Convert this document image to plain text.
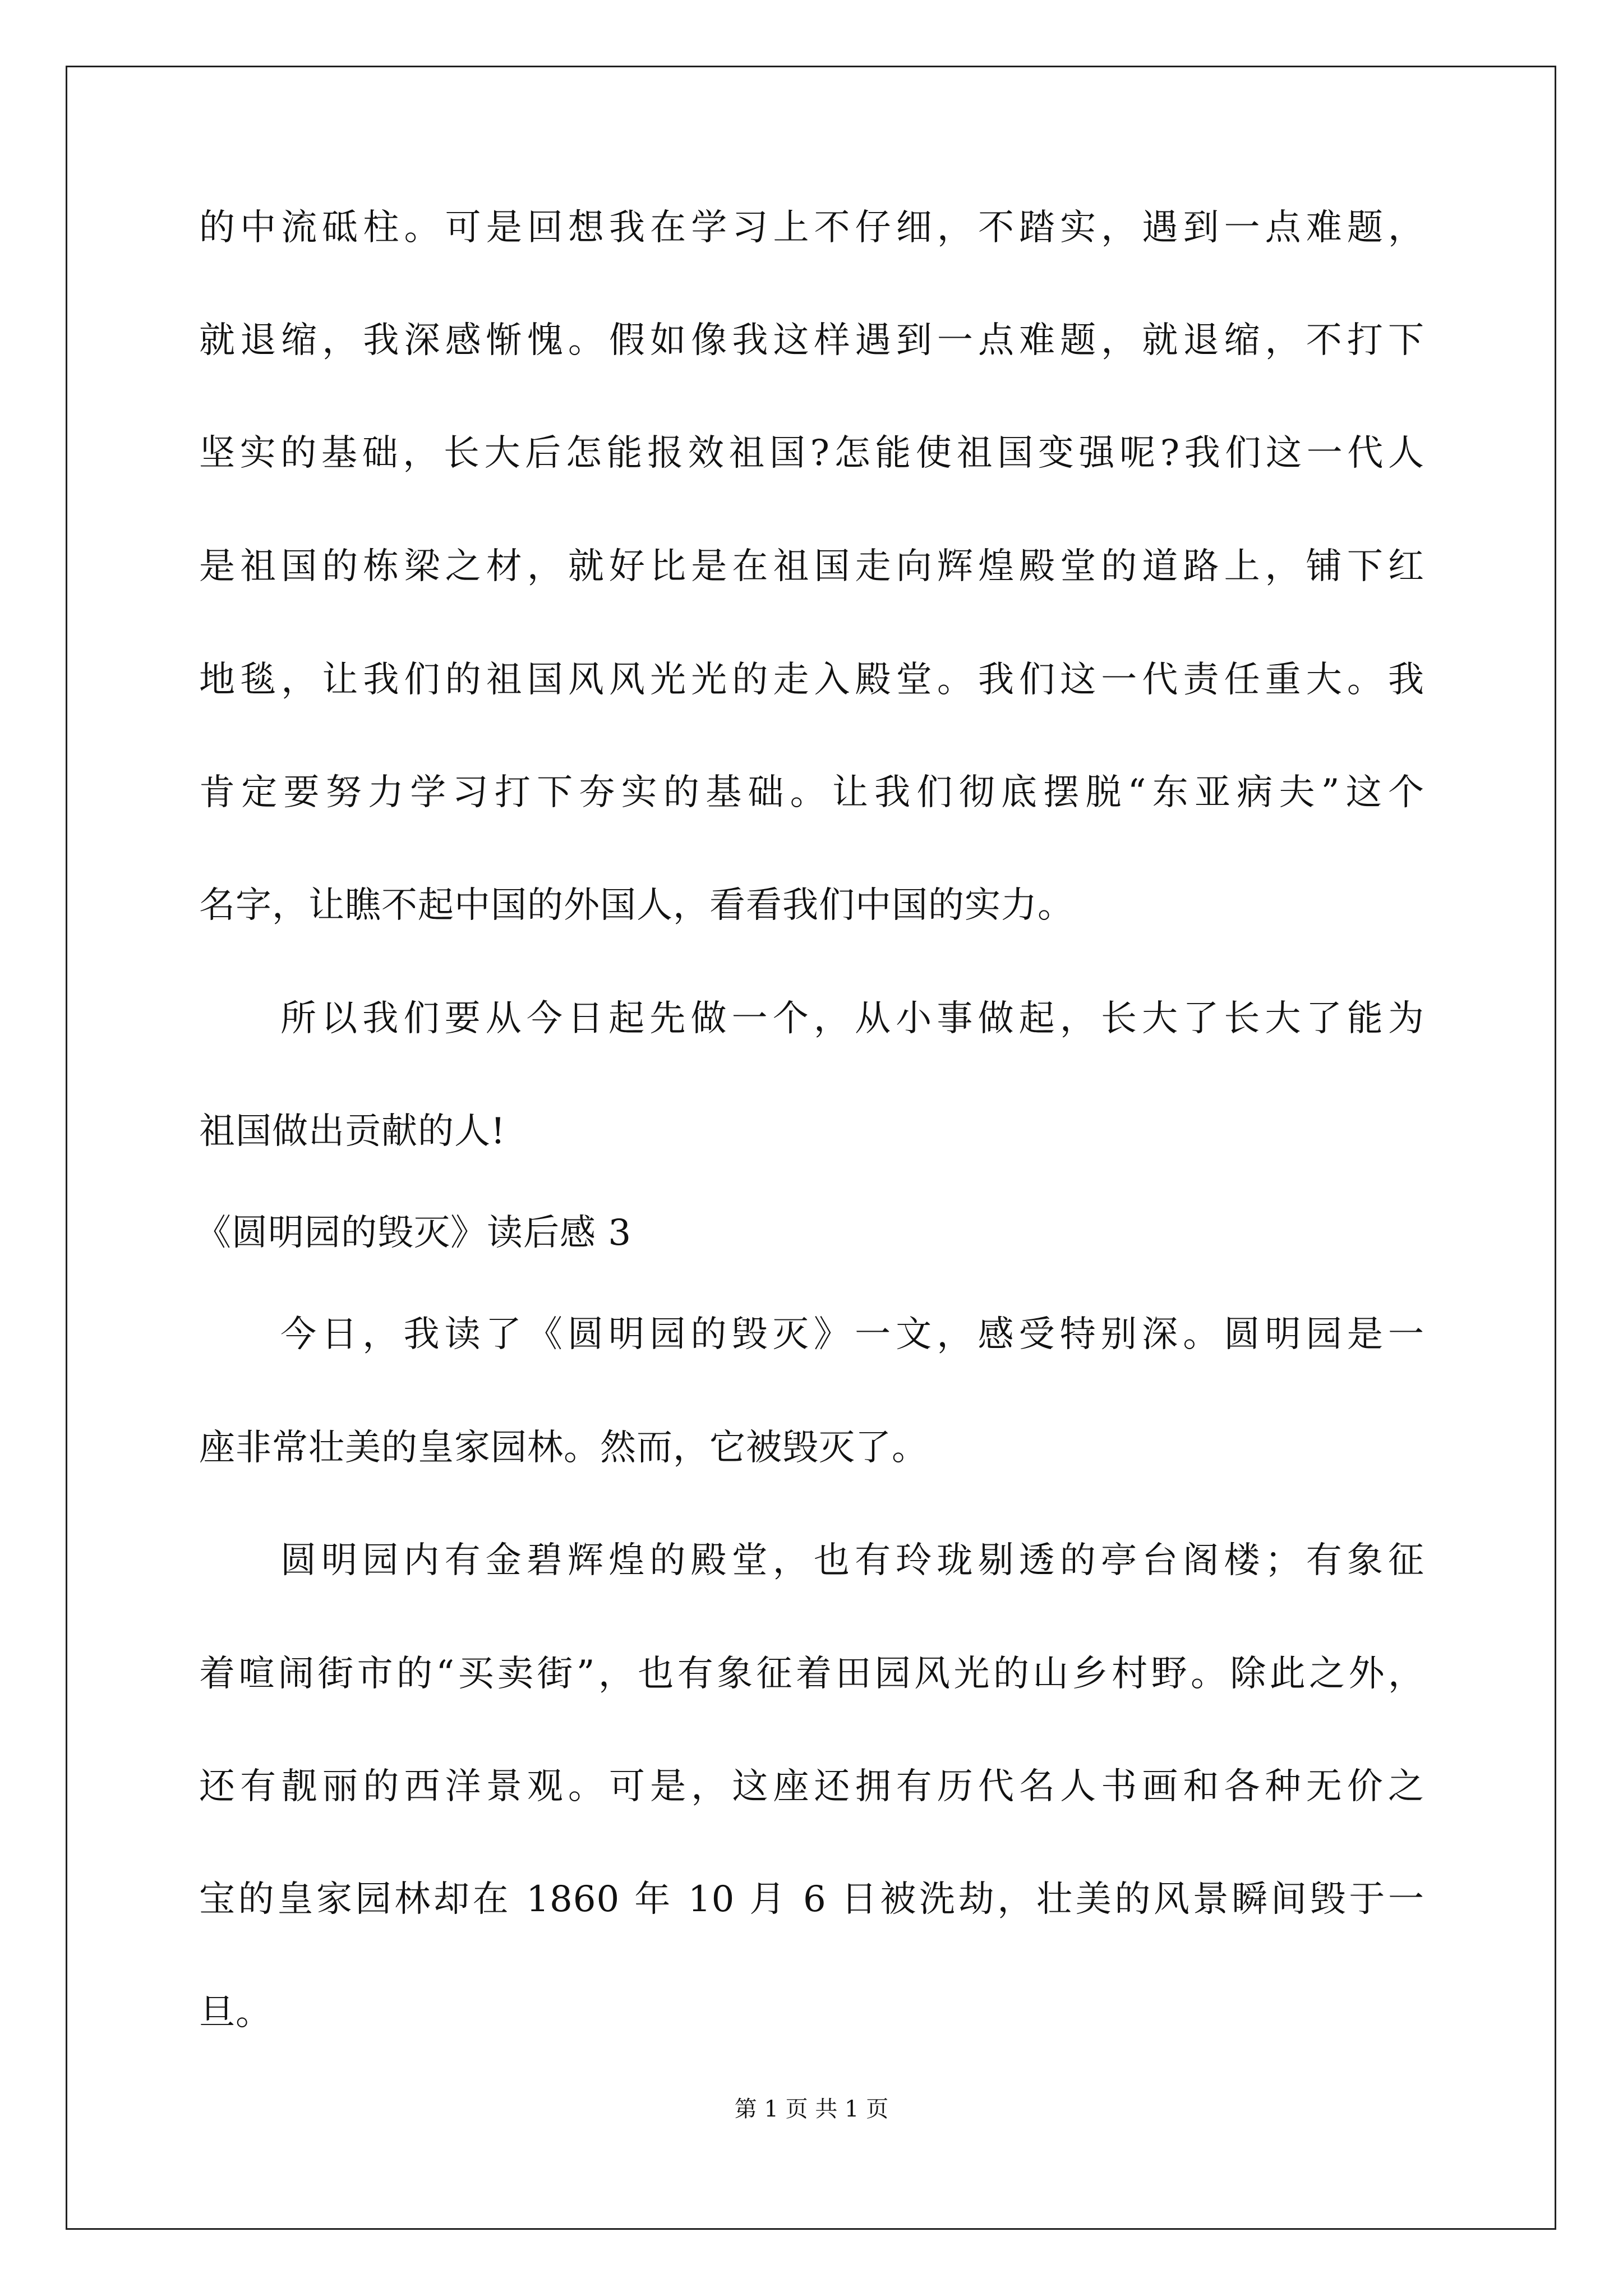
的中流砥柱。可是回想我在学习上不仔细，不踏实，遇到一点难题，
就退缩，我深感惭愧。假如像我这样遇到一点难题，就退缩，不打下
坚实的基础，长大后怎能报效祖国?怎能使祖国变强呢?我们这一代人
是祖国的栋梁之材，就好比是在祖国走向辉煌殿堂的道路上，铺下红
地毯，让我们的祖国风风光光的走入殿堂。我们这一代责任重大。我
肯定要努力学习打下夯实的基础。让我们彻底摆脱“东亚病夫”这个
名字，让瞧不起中国的外国人，看看我们中国的实力。
所以我们要从今日起先做一个，从小事做起，长大了长大了能为
祖国做出贡献的人!
《圆明园的毁灭》读后感 3
今日，我读了《圆明园的毁灭》一文，感受特别深。圆明园是一
座非常壮美的皇家园林。然而，它被毁灭了。
圆明园内有金碧辉煌的殿堂，也有玲珑剔透的亭台阁楼；有象征
着喧闹街市的“买卖街”，也有象征着田园风光的山乡村野。除此之外，
还有靓丽的西洋景观。可是，这座还拥有历代名人书画和各种无价之
宝的皇家园林却在 1860 年 10 月 6 日被洗劫，壮美的风景瞬间毁于一
旦。
第 1 页 共 1 页
